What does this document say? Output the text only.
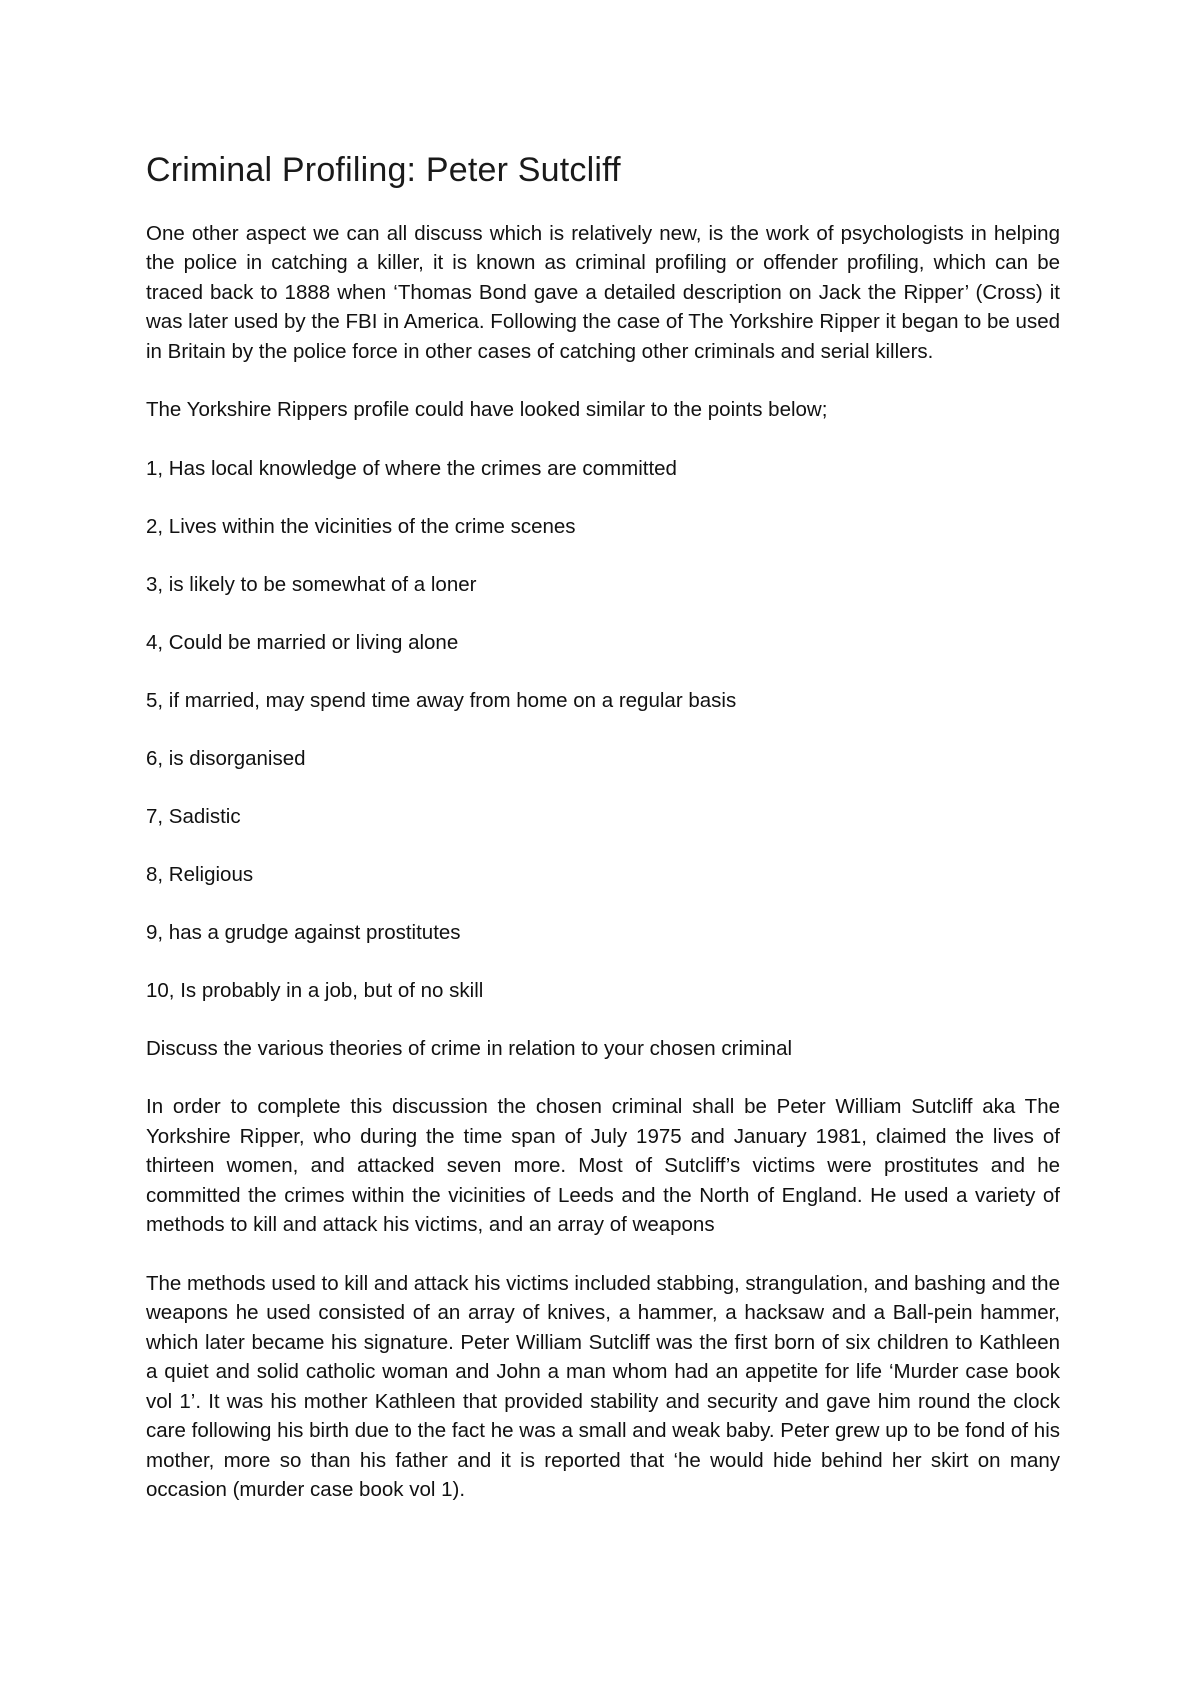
Criminal Profiling: Peter Sutcliff

One other aspect we can all discuss which is relatively new, is the work of psychologists in helping the police in catching a killer, it is known as criminal profiling or offender profiling, which can be traced back to 1888 when ‘Thomas Bond gave a detailed description on Jack the Ripper’ (Cross) it was later used by the FBI in America. Following the case of The Yorkshire Ripper it began to be used in Britain by the police force in other cases of catching other criminals and serial killers.

The Yorkshire Rippers profile could have looked similar to the points below;

1, Has local knowledge of where the crimes are committed

2, Lives within the vicinities of the crime scenes

3, is likely to be somewhat of a loner

4, Could be married or living alone

5, if married, may spend time away from home on a regular basis

6, is disorganised

7, Sadistic

8, Religious

9, has a grudge against prostitutes

10, Is probably in a job, but of no skill

Discuss the various theories of crime in relation to your chosen criminal

In order to complete this discussion the chosen criminal shall be Peter William Sutcliff aka The Yorkshire Ripper, who during the time span of July 1975 and January 1981, claimed the lives of thirteen women, and attacked seven more. Most of Sutcliff’s victims were prostitutes and he committed the crimes within the vicinities of Leeds and the North of England. He used a variety of methods to kill and attack his victims, and an array of weapons

The methods used to kill and attack his victims included stabbing, strangulation, and bashing and the weapons he used consisted of an array of knives, a hammer, a hacksaw and a Ball-pein hammer, which later became his signature. Peter William Sutcliff was the first born of six children to Kathleen a quiet and solid catholic woman and John a man whom had an appetite for life ‘Murder case book vol 1’. It was his mother Kathleen that provided stability and security and gave him round the clock care following his birth due to the fact he was a small and weak baby. Peter grew up to be fond of his mother, more so than his father and it is reported that ‘he would hide behind her skirt on many occasion (murder case book vol 1).
